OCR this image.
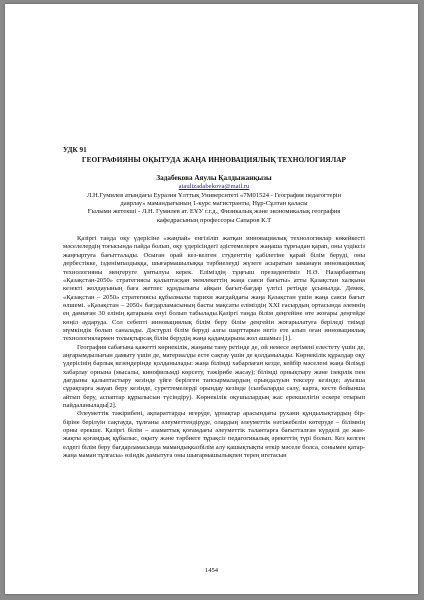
УДК 91

ГЕОГРАФИЯНЫ ОҚЫТУДА ЖАҢА ИННОВАЦИЯЛЫҚ ТЕХНОЛОГИЯЛАР

Задабекова Аяулы Қалдыжанқызы

aiaulizadabekova@mail.ru

Л.Н.Гумилев атындағы Еуразия Ұлттық Университеті «7М01524 - География педагогтерін

даярлау» мамандығының 1-курс магистранты, Нұр-Сұлтан қаласы

Ғылыми жетекші - Л.Н. Гумилев ат. ЕҰУ г.г.д., Физикалық және экономикалық география

кафедрасының профессоры Сапаров К.Т

Қазіргі таңда оқу үдерісіне «жаңпай» енгізіліп жатқан инновациялық технологиялар көкейкесті мәселелердің тоғысында пайда болып, оқу үдерісіндегі әдістемелерге жаңаша тұрғыдан қарап, оны үздіксіз жаңғыртуға бағытталады. Осыған орай кез-келген студенттің қабілетіне қарай білім беруді, оны дербестікке, ізденімпаздыққа, шығармашылыққа тәрбиелеуді жүзеге асыратын заманауи инновациялық технологияны меңгеруге ұмтылуы керек. Еліміздің тұңғыш президентіміз Н.Ә. Назарбаевтың «Қазақстан-2050» стратегиясы қалыптасқан мемлекеттің жаңа саяси бағыты» атты Қазақстан халқына кезекті жолдауының баға жетпес құндылығы айқын бағыт-бағдар үлгісі ретінде ұсынылда. Демек, «Қазақстан – 2050» стратегиясы құбылмалы тарихи жағдайдағы жаңа Қазақстан үшін жаңа саяси бағыт өлшемі. «Қазақстан – 2050» бағдарламасының басты мақсаты еліміздің XXI ғасырдың ортасында әлемнің ең дамыған 30 елінің қатарына енуі болып табылады.Қазіргі таңда білім деңгейіне өте жоғары деңгейде көңіл аударуда. Сол себепті инновациялық білім беру білім деңгейін жоғарылатуға беріледі тиімді мүмкіндік болып саналады. Дәстүрлі білім беруді алғы шарттарын негіз ете алып оған инновациялық технологиялармен толықтырсақ білім берудің жаңа қадамдарына жол ашамыз [1].

География сабағына қажетті көрнекілік, жаңаны тану ретінде де, ой немесе әңгімені елестету үшін де, аңғарымдылығын дамыту үшін де, материалды есте сақтау үшін де қолданылады. Көрнекілік құралдар оқу үдерісінің барлық кезеңдерінде қолданылады: жаңа білімді хабарлаған кезде, кейбір мәселені жаңа білімді хабарлау орнына (мысалы, кинофильмді көрсету, тәжірибе жасау); білімді орнықтыру және ізекрлік пен дағдыны қалыптастыру кезінде үйге берілген тапсырмалардың орындалуын тексеру кезінде; ауызша сұрақтарға жауап беру кезінде, суреттемелерді орындау кезінде (сызбаларды салу, карта, кесте бойынша айтып беру, аспаптар құрылысын түсіндіру). Көрнекілік оқушылардың жас ерекшелігін ескере отырып пайдаланылады[2].

Әлеуметтік тәжірибені, ақпараттарды игеруде, ұрпақтар арасындағы рухани құндылықтардың бір-біріне берілуін сақтауда, тұлғаны әлеуметтендіруде, олардың әлеуметтік нәтіжебелін көтеруде – білімнің орны ерекше. Қазіргі білім – азаматтық қоғамдағы әлеуметтік талантарға бағытталған күрделі де жан-жақты қоғамдық құбылыс, оқыту және тәрбиеге тұрақсіз педагогикалық әрекеттің түрі болып. Кез келген елдегі білім беру бағдарламасында мамандықказбілім алу қашықтықты өткір мәселе болса, сонымен қатар-жаңа маман тұлғасы» өзіндік дамытуға оны шығармашылықпен терең игетасын

1454
